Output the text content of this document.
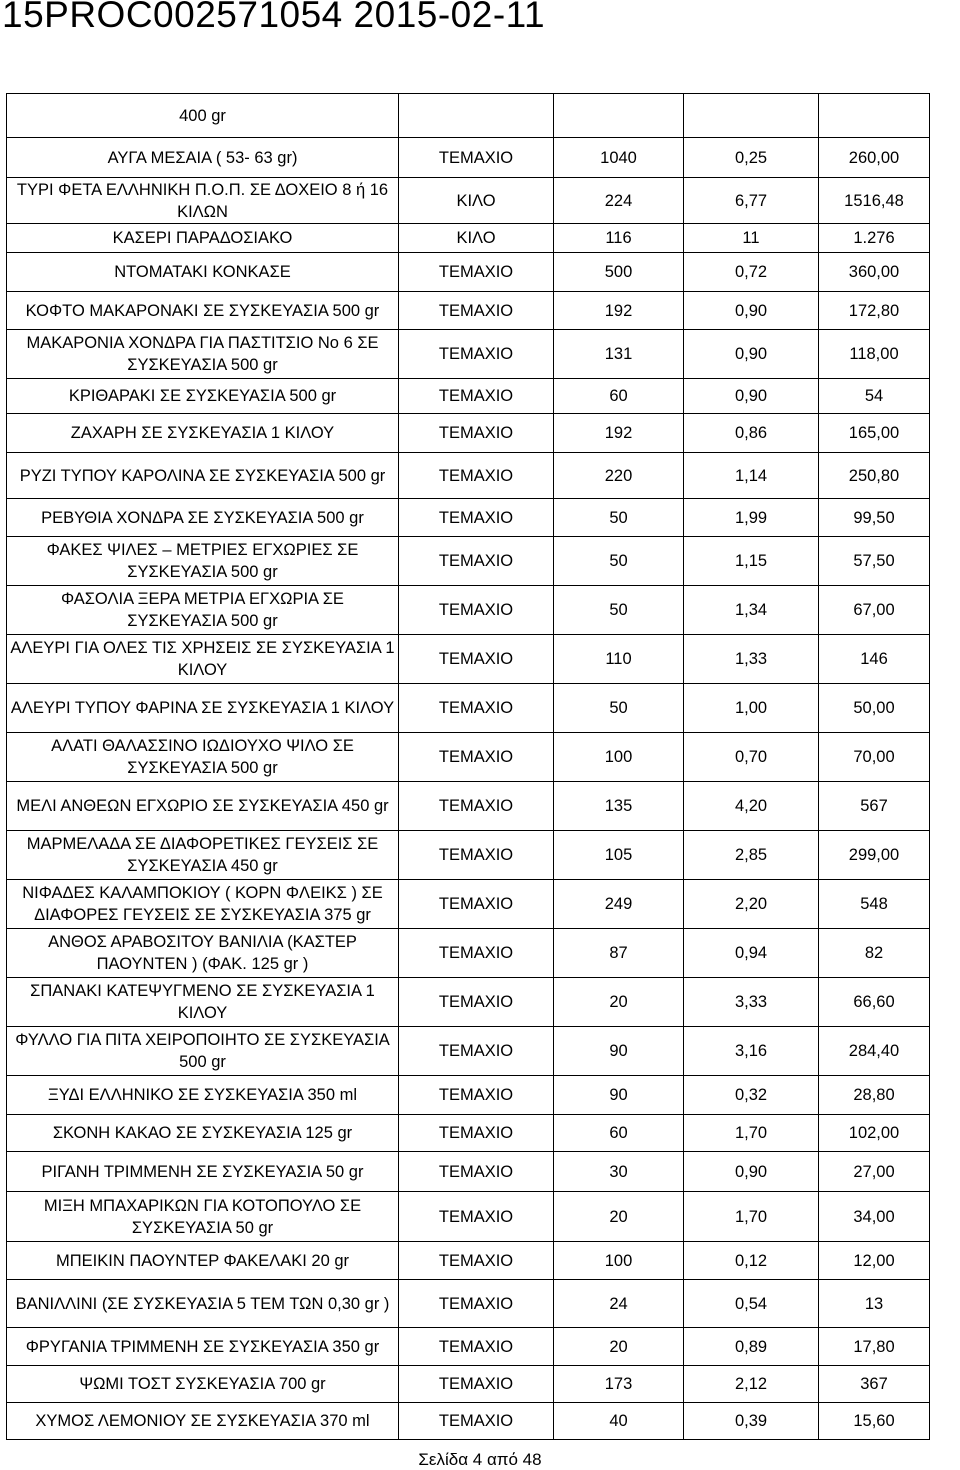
15PROC002571054 2015-02-11
400 gr				
ΑΥΓΑ ΜΕΣΑΙΑ ( 53- 63 gr)	ΤΕΜΑΧΙΟ	1040	0,25	260,00
ΤΥΡΙ ΦΕΤΑ ΕΛΛΗΝΙΚΗ Π.Ο.Π. ΣΕ ΔΟΧΕΙΟ 8 ή 16 ΚΙΛΩΝ	ΚΙΛΟ	224	6,77	1516,48
ΚΑΣΕΡΙ ΠΑΡΑΔΟΣΙΑΚΟ	ΚΙΛΟ	116	11	1.276
ΝΤΟΜΑΤΑΚΙ ΚΟΝΚΑΣΕ	ΤΕΜΑΧΙΟ	500	0,72	360,00
ΚΟΦΤΟ ΜΑΚΑΡΟΝΑΚΙ ΣΕ ΣΥΣΚΕΥΑΣΙΑ 500 gr	ΤΕΜΑΧΙΟ	192	0,90	172,80
ΜΑΚΑΡΟΝΙΑ ΧΟΝΔΡΑ ΓΙΑ ΠΑΣΤΙΤΣΙΟ Νο 6 ΣΕ ΣΥΣΚΕΥΑΣΙΑ 500 gr	ΤΕΜΑΧΙΟ	131	0,90	118,00
ΚΡΙΘΑΡΑΚΙ ΣΕ ΣΥΣΚΕΥΑΣΙΑ 500 gr	ΤΕΜΑΧΙΟ	60	0,90	54
ΖΑΧΑΡΗ ΣΕ ΣΥΣΚΕΥΑΣΙΑ 1 ΚΙΛΟΥ	ΤΕΜΑΧΙΟ	192	0,86	165,00
ΡΥΖΙ ΤΥΠΟΥ ΚΑΡΟΛΙΝΑ ΣΕ ΣΥΣΚΕΥΑΣΙΑ 500 gr	ΤΕΜΑΧΙΟ	220	1,14	250,80
ΡΕΒΥΘΙΑ ΧΟΝΔΡΑ ΣΕ ΣΥΣΚΕΥΑΣΙΑ 500 gr	ΤΕΜΑΧΙΟ	50	1,99	99,50
ΦΑΚΕΣ ΨΙΛΕΣ – ΜΕΤΡΙΕΣ ΕΓΧΩΡΙΕΣ ΣΕ ΣΥΣΚΕΥΑΣΙΑ 500 gr	ΤΕΜΑΧΙΟ	50	1,15	57,50
ΦΑΣΟΛΙΑ ΞΕΡΑ ΜΕΤΡΙΑ ΕΓΧΩΡΙΑ ΣΕ ΣΥΣΚΕΥΑΣΙΑ 500 gr	ΤΕΜΑΧΙΟ	50	1,34	67,00
ΑΛΕΥΡΙ ΓΙΑ ΟΛΕΣ ΤΙΣ ΧΡΗΣΕΙΣ ΣΕ ΣΥΣΚΕΥΑΣΙΑ 1 ΚΙΛΟΥ	ΤΕΜΑΧΙΟ	110	1,33	146
ΑΛΕΥΡΙ ΤΥΠΟΥ ΦΑΡΙΝΑ ΣΕ ΣΥΣΚΕΥΑΣΙΑ 1 ΚΙΛΟΥ	ΤΕΜΑΧΙΟ	50	1,00	50,00
ΑΛΑΤΙ ΘΑΛΑΣΣΙΝΟ ΙΩΔΙΟΥΧΟ ΨΙΛΟ ΣΕ ΣΥΣΚΕΥΑΣΙΑ 500 gr	ΤΕΜΑΧΙΟ	100	0,70	70,00
ΜΕΛΙ ΑΝΘΕΩΝ ΕΓΧΩΡΙΟ ΣΕ ΣΥΣΚΕΥΑΣΙΑ 450 gr	ΤΕΜΑΧΙΟ	135	4,20	567
ΜΑΡΜΕΛΑΔΑ ΣΕ ΔΙΑΦΟΡΕΤΙΚΕΣ ΓΕΥΣΕΙΣ ΣΕ ΣΥΣΚΕΥΑΣΙΑ 450 gr	ΤΕΜΑΧΙΟ	105	2,85	299,00
ΝΙΦΑΔΕΣ ΚΑΛΑΜΠΟΚΙΟΥ ( ΚΟΡΝ ΦΛΕΙΚΣ ) ΣΕ ΔΙΑΦΟΡΕΣ ΓΕΥΣΕΙΣ ΣΕ ΣΥΣΚΕΥΑΣΙΑ 375 gr	ΤΕΜΑΧΙΟ	249	2,20	548
ΑΝΘΟΣ ΑΡΑΒΟΣΙΤΟΥ ΒΑΝΙΛΙΑ (ΚΑΣΤΕΡ ΠΑΟΥΝΤΕΝ ) (ΦΑΚ. 125 gr )	ΤΕΜΑΧΙΟ	87	0,94	82
ΣΠΑΝΑΚΙ ΚΑΤΕΨΥΓΜΕΝΟ ΣΕ ΣΥΣΚΕΥΑΣΙΑ 1 ΚΙΛΟΥ	ΤΕΜΑΧΙΟ	20	3,33	66,60
ΦΥΛΛΟ ΓΙΑ ΠΙΤΑ ΧΕΙΡΟΠΟΙΗΤΟ ΣΕ ΣΥΣΚΕΥΑΣΙΑ 500 gr	ΤΕΜΑΧΙΟ	90	3,16	284,40
ΞΥΔΙ ΕΛΛΗΝΙΚΟ ΣΕ ΣΥΣΚΕΥΑΣΙΑ 350 ml	ΤΕΜΑΧΙΟ	90	0,32	28,80
ΣΚΟΝΗ ΚΑΚΑΟ ΣΕ ΣΥΣΚΕΥΑΣΙΑ 125 gr	ΤΕΜΑΧΙΟ	60	1,70	102,00
ΡΙΓΑΝΗ ΤΡΙΜΜΕΝΗ ΣΕ ΣΥΣΚΕΥΑΣΙΑ 50 gr	ΤΕΜΑΧΙΟ	30	0,90	27,00
ΜΙΞΗ ΜΠΑΧΑΡΙΚΩΝ ΓΙΑ ΚΟΤΟΠΟΥΛΟ ΣΕ ΣΥΣΚΕΥΑΣΙΑ 50 gr	ΤΕΜΑΧΙΟ	20	1,70	34,00
ΜΠΕΙΚΙΝ ΠΑΟΥΝΤΕΡ ΦΑΚΕΛΑΚΙ 20 gr	ΤΕΜΑΧΙΟ	100	0,12	12,00
ΒΑΝΙΛΛΙΝΙ (ΣΕ ΣΥΣΚΕΥΑΣΙΑ 5 ΤΕΜ ΤΩΝ 0,30 gr )	ΤΕΜΑΧΙΟ	24	0,54	13
ΦΡΥΓΑΝΙΑ ΤΡΙΜΜΕΝΗ ΣΕ ΣΥΣΚΕΥΑΣΙΑ 350 gr	ΤΕΜΑΧΙΟ	20	0,89	17,80
ΨΩΜΙ ΤΟΣΤ ΣΥΣΚΕΥΑΣΙΑ 700 gr	ΤΕΜΑΧΙΟ	173	2,12	367
ΧΥΜΟΣ ΛΕΜΟΝΙΟΥ ΣΕ ΣΥΣΚΕΥΑΣΙΑ 370 ml	ΤΕΜΑΧΙΟ	40	0,39	15,60
Σελίδα 4 από 48
